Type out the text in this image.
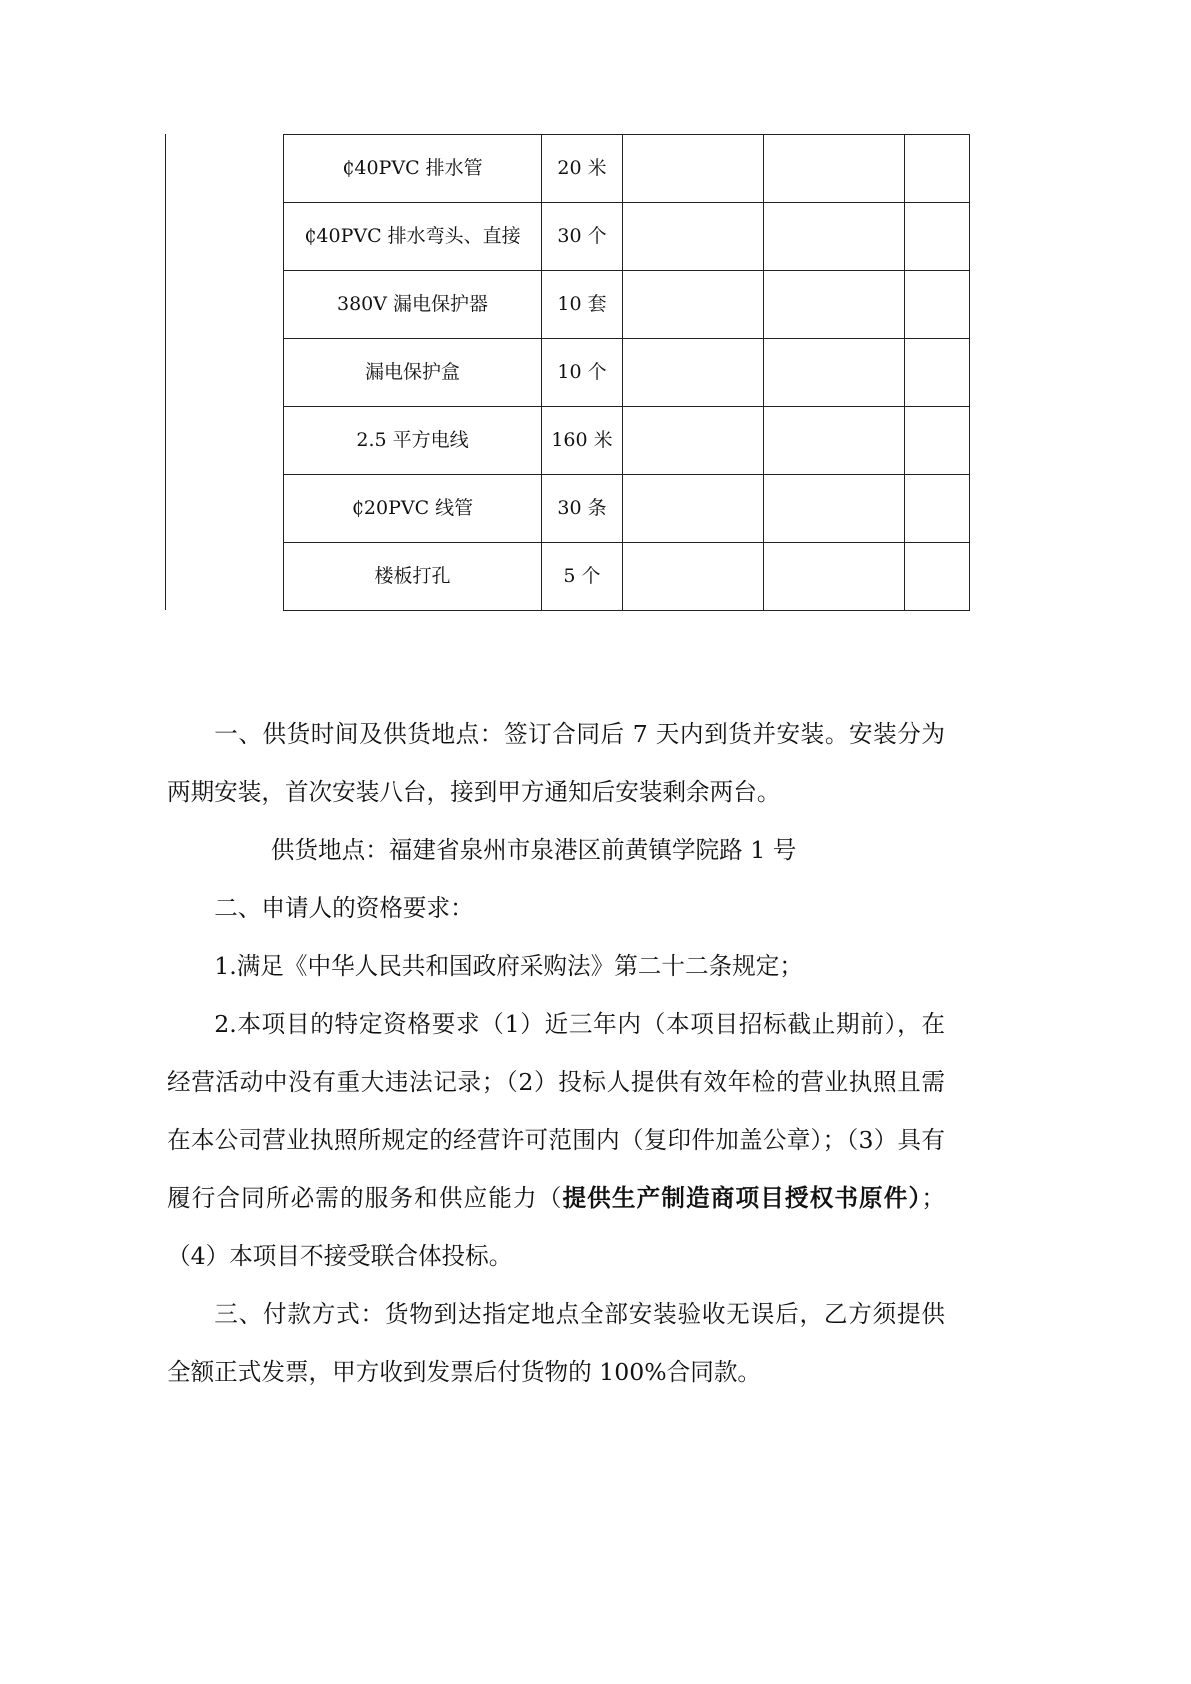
₵40PVC 排水管	20 米			
₵40PVC 排水弯头、直接	30 个			
380V 漏电保护器	10 套			
漏电保护盒	10 个			
2.5 平方电线	160 米			
₵20PVC 线管	30 条			
楼板打孔	5 个			

一、供货时间及供货地点：签订合同后 7 天内到货并安装。安装分为两期安装，首次安装八台，接到甲方通知后安装剩余两台。

供货地点：福建省泉州市泉港区前黄镇学院路 1 号

二、申请人的资格要求：

1.满足《中华人民共和国政府采购法》第二十二条规定；

2.本项目的特定资格要求（1）近三年内（本项目招标截止期前），在经营活动中没有重大违法记录；（2）投标人提供有效年检的营业执照且需在本公司营业执照所规定的经营许可范围内（复印件加盖公章）；（3）具有履行合同所必需的服务和供应能力（提供生产制造商项目授权书原件）；（4）本项目不接受联合体投标。

三、付款方式：货物到达指定地点全部安装验收无误后，乙方须提供全额正式发票，甲方收到发票后付货物的 100%合同款。
